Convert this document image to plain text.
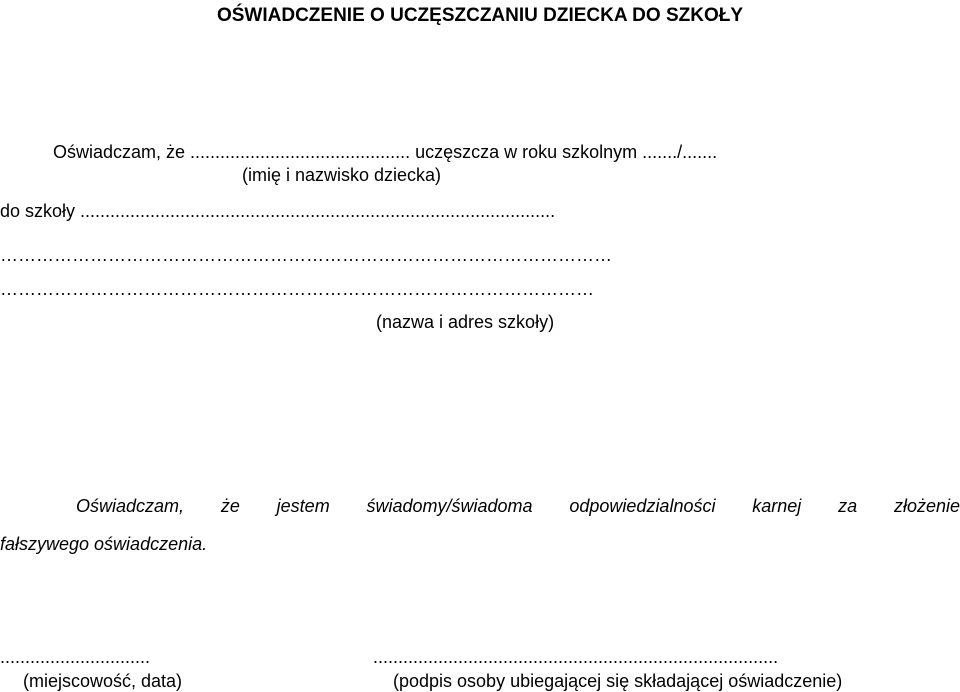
OŚWIADCZENIE O UCZĘSZCZANIU DZIECKA DO SZKOŁY
Oświadczam, że ............................................ uczęszcza w roku szkolnym ......./.......
(imię i nazwisko dziecka)
do szkoły ...............................................................................................
…………………………………………………………………………………………
………………………………………………………………………………………
(nazwa i adres szkoły)
Oświadczam, że jestem świadomy/świadoma odpowiedzialności karnej za złożenie
fałszywego oświadczenia.
..............................
(miejscowość, data)
.................................................................................
(podpis osoby ubiegającej się składającej oświadczenie)
